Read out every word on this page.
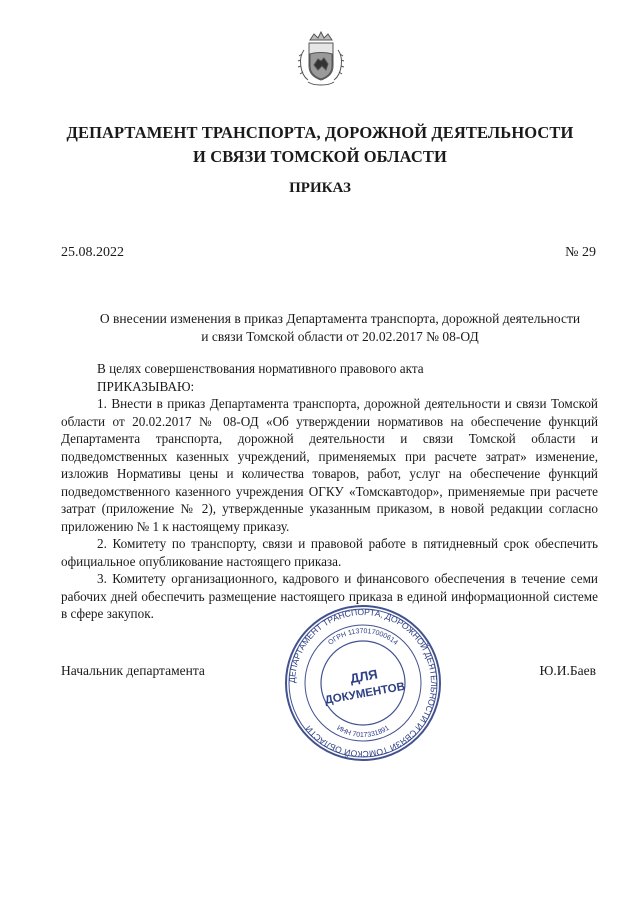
ДЕПАРТАМЕНТ ТРАНСПОРТА, ДОРОЖНОЙ ДЕЯТЕЛЬНОСТИ
И СВЯЗИ ТОМСКОЙ ОБЛАСТИ
ПРИКАЗ
25.08.2022	№ 29
О внесении изменения в приказ Департамента транспорта, дорожной деятельности
и связи Томской области от 20.02.2017 № 08-ОД

В целях совершенствования нормативного правового акта

ПРИКАЗЫВАЮ:

1. Внести в приказ Департамента транспорта, дорожной деятельности и связи Томской области от 20.02.2017 № 08-ОД «Об утверждении нормативов на обеспечение функций Департамента транспорта, дорожной деятельности и связи Томской области и подведомственных казенных учреждений, применяемых при расчете затрат» изменение, изложив Нормативы цены и количества товаров, работ, услуг на обеспечение функций подведомственного казенного учреждения ОГКУ «Томскавтодор», применяемые при расчете затрат (приложение № 2), утвержденные указанным приказом, в новой редакции согласно приложению № 1 к настоящему приказу.

2. Комитету по транспорту, связи и правовой работе в пятидневный срок обеспечить официальное опубликование настоящего приказа.

3. Комитету организационного, кадрового и финансового обеспечения в течение семи рабочих дней обеспечить размещение настоящего приказа в единой информационной системе в сфере закупок.

Начальник департамента	Ю.И.Баев
ДЕПАРТАМЕНТ ТРАНСПОРТА, ДОРОЖНОЙ ДЕЯТЕЛЬНОСТИ И СВЯЗИ ТОМСКОЙ ОБЛАСТИ
ОГРН 1137017000614
ИНН 7017331891
ДЛЯ
ДОКУМЕНТОВ
